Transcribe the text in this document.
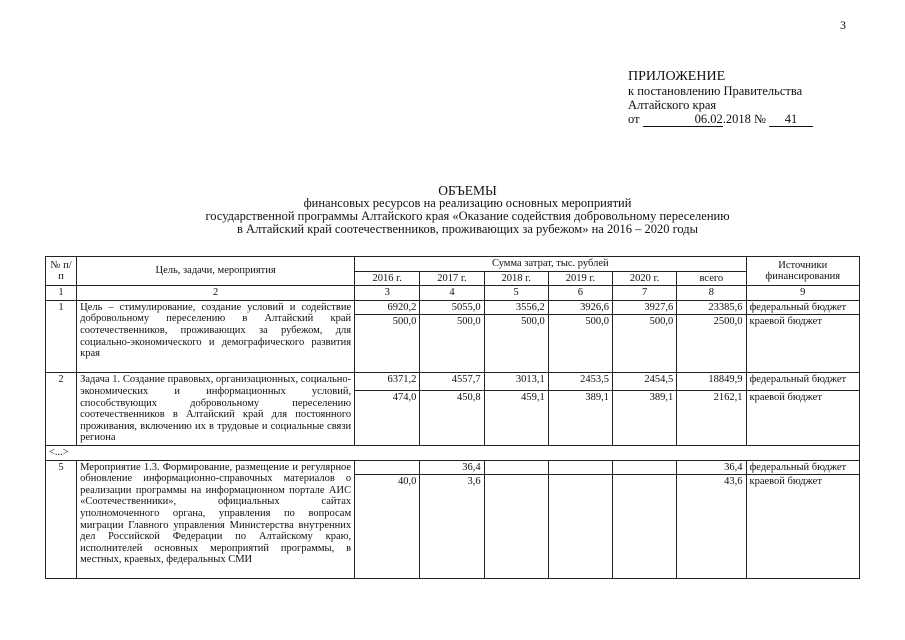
3
ПРИЛОЖЕНИЕ
к постановлению Правительства
Алтайского края
от	06.02.2018 № 41
ОБЪЕМЫ
финансовых ресурсов на реализацию основных мероприятий
государственной программы Алтайского края «Оказание содействия добровольному переселению
в Алтайский край соотечественников, проживающих за рубежом» на 2016 – 2020 годы
№ п/п	Цель, задачи, мероприятия	Сумма затрат, тыс. рублей						Источники финансирования
		2016 г.	2017 г.	2018 г.	2019 г.	2020 г.	всего	
1	2	3	4	5	6	7	8	9
1	Цель – стимулирование, создание условий и содействие добровольному переселению в Алтайский край соотечественников, проживающих за рубежом, для социально-экономического и демографического развития края	6920,2	5055,0	3556,2	3926,6	3927,6	23385,6	федеральный бюджет
		500,0	500,0	500,0	500,0	500,0	2500,0	краевой бюджет
2	Задача 1. Создание правовых, организационных, социально-экономических и информационных условий, способствующих добровольному переселению соотечественников в Алтайский край для постоянного проживания, включению их в трудовые и социальные связи региона	6371,2	4557,7	3013,1	2453,5	2454,5	18849,9	федеральный бюджет
		474,0	450,8	459,1	389,1	389,1	2162,1	краевой бюджет
<...>								
5	Мероприятие 1.3. Формирование, размещение и регулярное обновление информационно-справочных материалов о реализации программы на информационном портале АИС «Соотечественники», официальных сайтах уполномоченного органа, управления по вопросам миграции Главного управления Министерства внутренних дел Российской Федерации по Алтайскому краю, исполнителей основных мероприятий программы, в местных, краевых, федеральных СМИ		36,4				36,4	федеральный бюджет
		40,0	3,6				43,6	краевой бюджет
